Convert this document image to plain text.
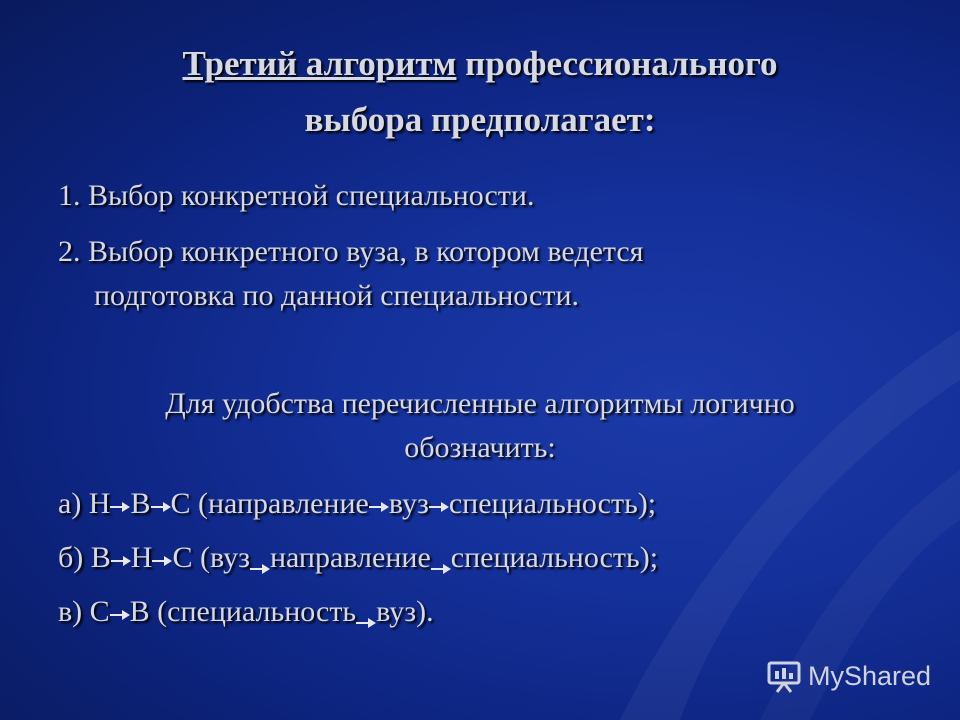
Третий алгоритм профессионального
выбора предполагает:
1. Выбор конкретной специальности.
2. Выбор конкретного вуза, в котором ведется
подготовка по данной специальности.
Для удобства перечисленные алгоритмы логично
обозначить:
а) Н В С (направление вуз специальность);
б) В Н С (вуз направление специальность);
в) С В (специальность вуз).
MyShared
